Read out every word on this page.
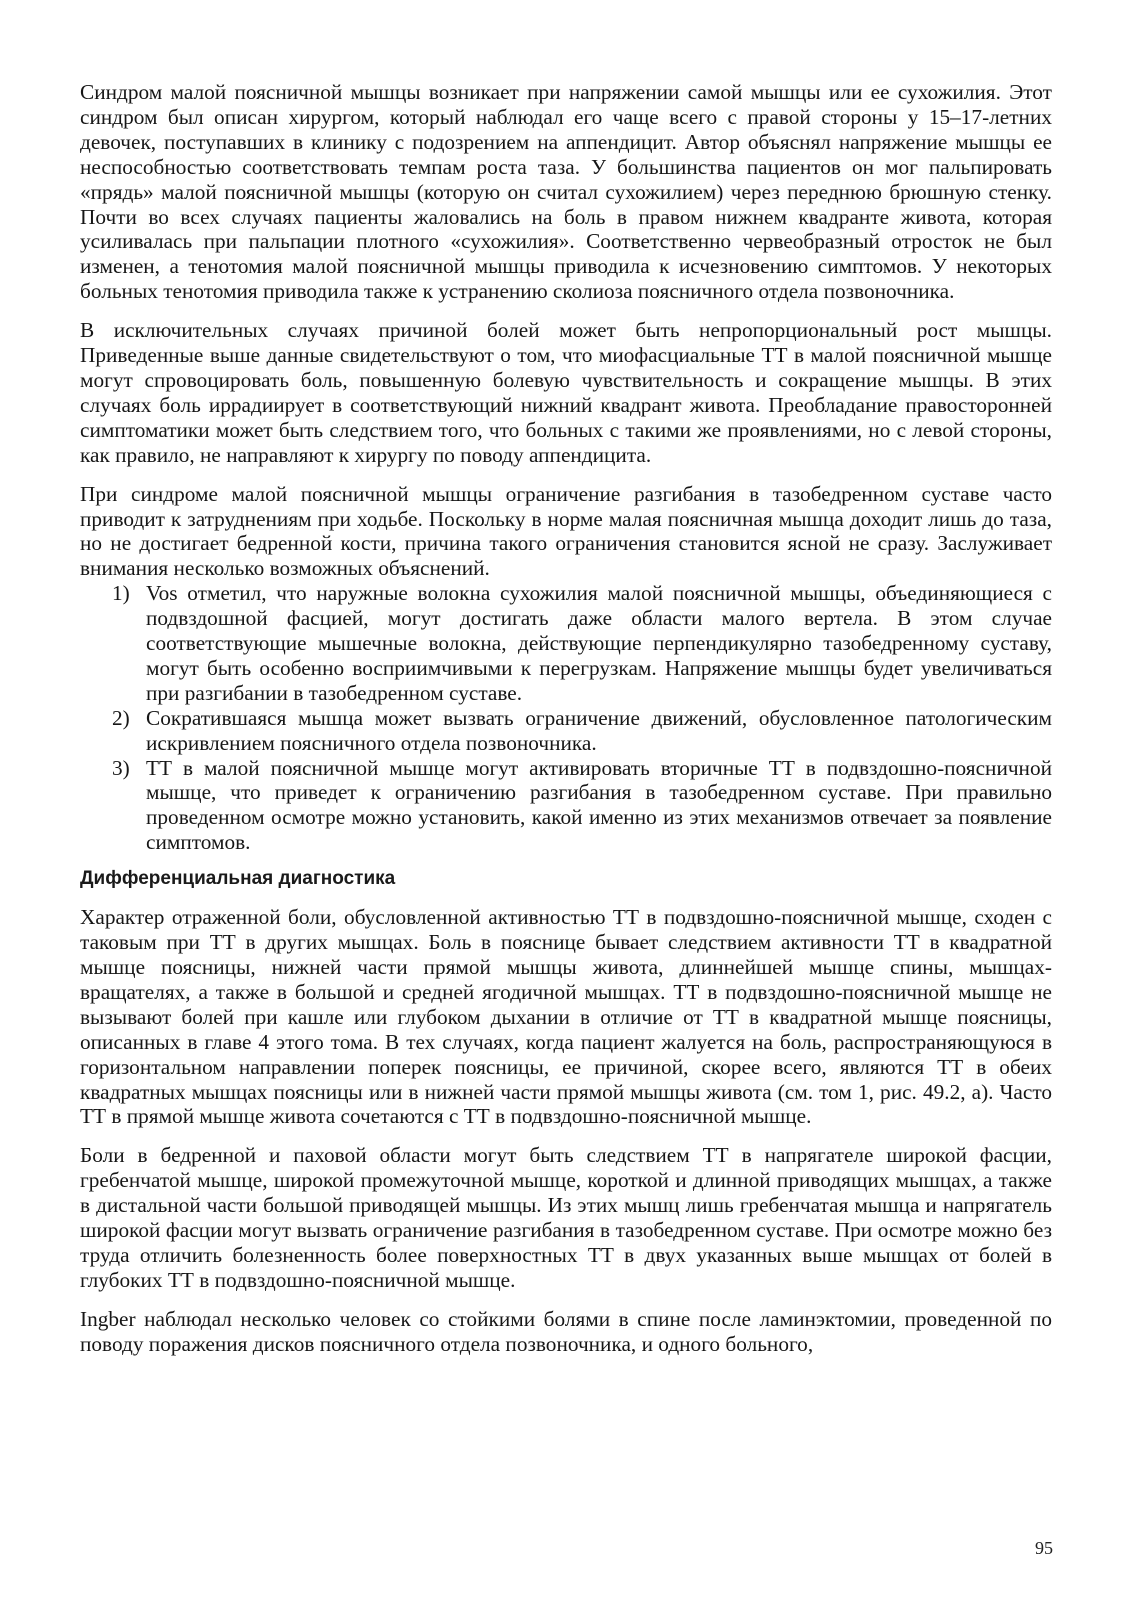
Синдром малой поясничной мышцы возникает при напряжении самой мышцы или ее сухожилия. Этот синдром был описан хирургом, который наблюдал его чаще всего с правой стороны у 15–17-летних девочек, поступавших в клинику с подозрением на аппендицит. Автор объяснял напряжение мышцы ее неспособностью соответствовать темпам роста таза. У большинства пациентов он мог пальпировать «прядь» малой поясничной мышцы (которую он считал сухожилием) через переднюю брюшную стенку. Почти во всех случаях пациенты жаловались на боль в правом нижнем квадранте живота, которая усиливалась при пальпации плотного «сухожилия». Соответственно червеобразный отросток не был изменен, а тенотомия малой поясничной мышцы приводила к исчезновению симптомов. У некоторых больных тенотомия приводила также к устранению сколиоза поясничного отдела позвоночника.

В исключительных случаях причиной болей может быть непропорциональный рост мышцы. Приведенные выше данные свидетельствуют о том, что миофасциальные ТТ в малой поясничной мышце могут спровоцировать боль, повышенную болевую чувствительность и сокращение мышцы. В этих случаях боль иррадиирует в соответствующий нижний квадрант живота. Преобладание правосторонней симптоматики может быть следствием того, что больных с такими же проявлениями, но с левой стороны, как правило, не направляют к хирургу по поводу аппендицита.

При синдроме малой поясничной мышцы ограничение разгибания в тазобедренном суставе часто приводит к затруднениям при ходьбе. Поскольку в норме малая поясничная мышца доходит лишь до таза, но не достигает бедренной кости, причина такого ограничения становится ясной не сразу. Заслуживает внимания несколько возможных объяснений.

1) Vos отметил, что наружные волокна сухожилия малой поясничной мышцы, объединяющиеся с подвздошной фасцией, могут достигать даже области малого вертела. В этом случае соответствующие мышечные волокна, действующие перпендикулярно тазобедренному суставу, могут быть особенно восприимчивыми к перегрузкам. Напряжение мышцы будет увеличиваться при разгибании в тазобедренном суставе.
2) Сократившаяся мышца может вызвать ограничение движений, обусловленное патологическим искривлением поясничного отдела позвоночника.
3) ТТ в малой поясничной мышце могут активировать вторичные ТТ в подвздошно-поясничной мышце, что приведет к ограничению разгибания в тазобедренном суставе. При правильно проведенном осмотре можно установить, какой именно из этих механизмов отвечает за появление симптомов.
Дифференциальная диагностика

Характер отраженной боли, обусловленной активностью ТТ в подвздошно-поясничной мышце, сходен с таковым при ТТ в других мышцах. Боль в пояснице бывает следствием активности ТТ в квадратной мышце поясницы, нижней части прямой мышцы живота, длиннейшей мышце спины, мышцах-вращателях, а также в большой и средней ягодичной мышцах. ТТ в подвздошно-поясничной мышце не вызывают болей при кашле или глубоком дыхании в отличие от ТТ в квадратной мышце поясницы, описанных в главе 4 этого тома. В тех случаях, когда пациент жалуется на боль, распространяющуюся в горизонтальном направлении поперек поясницы, ее причиной, скорее всего, являются ТТ в обеих квадратных мышцах поясницы или в нижней части прямой мышцы живота (см. том 1, рис. 49.2, а). Часто ТТ в прямой мышце живота сочетаются с ТТ в подвздошно-поясничной мышце.

Боли в бедренной и паховой области могут быть следствием ТТ в напрягателе широкой фасции, гребенчатой мышце, широкой промежуточной мышце, короткой и длинной приводящих мышцах, а также в дистальной части большой приводящей мышцы. Из этих мышц лишь гребенчатая мышца и напрягатель широкой фасции могут вызвать ограничение разгибания в тазобедренном суставе. При осмотре можно без труда отличить болезненность более поверхностных ТТ в двух указанных выше мышцах от болей в глубоких ТТ в подвздошно-поясничной мышце.

Ingber наблюдал несколько человек со стойкими болями в спине после ламинэктомии, проведенной по поводу поражения дисков поясничного отдела позвоночника, и одного больного,

95
